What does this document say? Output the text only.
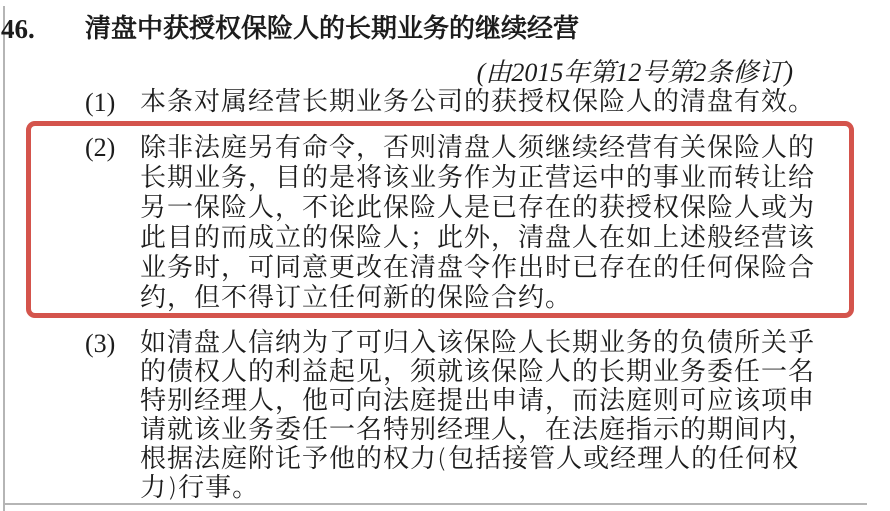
46. 清盘中获授权保险人的长期业务的继续经营
(由2015年第12号第2条修订)
(1) 本条对属经营长期业务公司的获授权保险人的清盘有效。
(2) 除非法庭另有命令，否则清盘人须继续经营有关保险人的
长期业务，目的是将该业务作为正营运中的事业而转让给
另一保险人，不论此保险人是已存在的获授权保险人或为
此目的而成立的保险人；此外，清盘人在如上述般经营该
业务时，可同意更改在清盘令作出时已存在的任何保险合
约，但不得订立任何新的保险合约。
(3) 如清盘人信纳为了可归入该保险人长期业务的负债所关乎
的债权人的利益起见，须就该保险人的长期业务委任一名
特别经理人，他可向法庭提出申请，而法庭则可应该项申
请就该业务委任一名特别经理人，在法庭指示的期间内，
根据法庭附讬予他的权力(包括接管人或经理人的任何权
力)行事。
